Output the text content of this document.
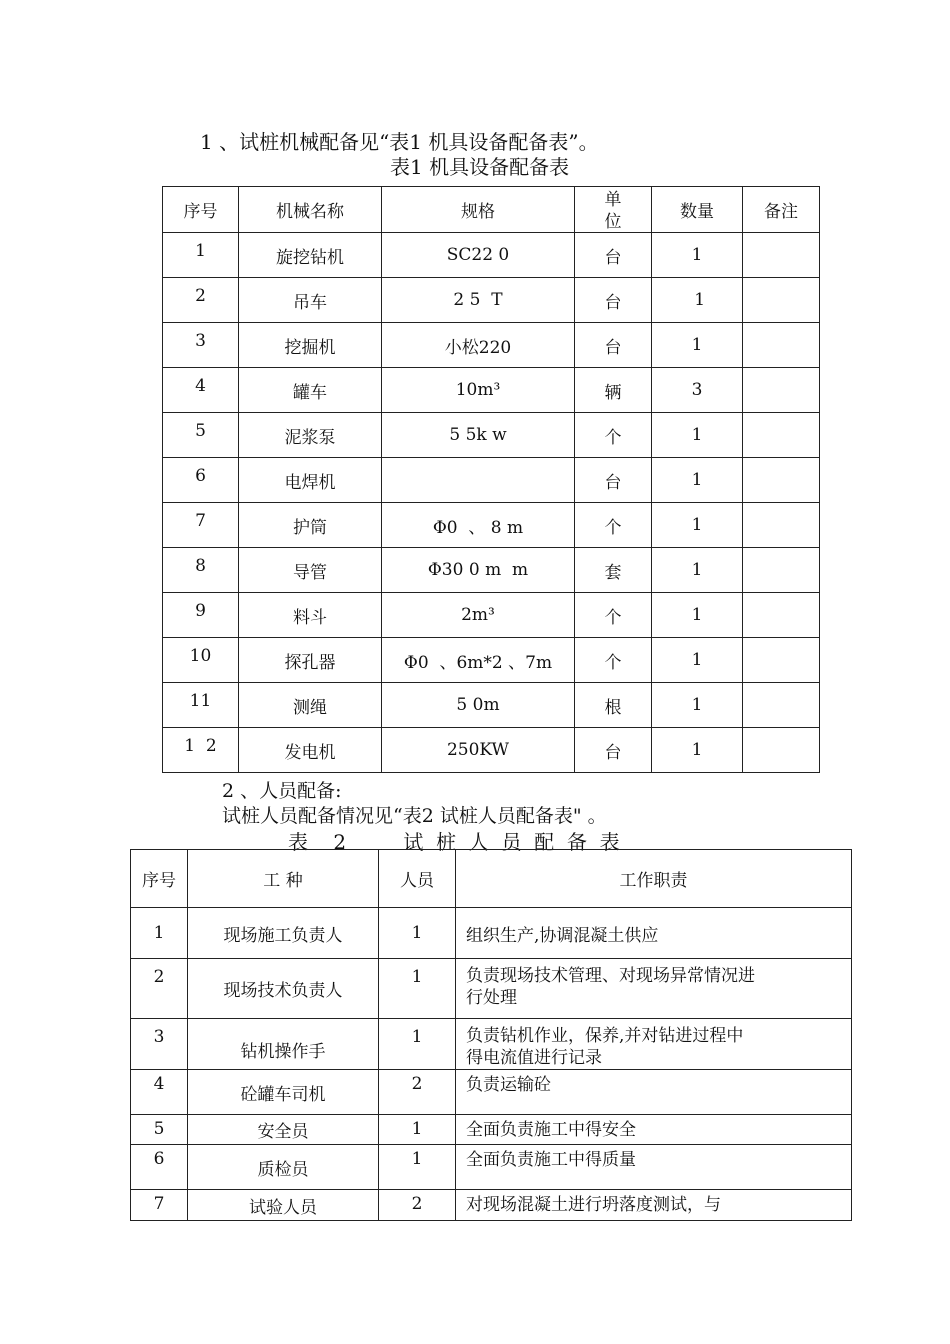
1 、试桩机械配备见“表1 机具设备配备表”。
表1 机具设备配备表
序号	机械名称	规格	单位	数量	备注
1	旋挖钻机	SC22 0	台	1	
2	吊车	2 5  T	台	1	
3	挖掘机	小松220	台	1	
4	罐车	10m³	辆	3	
5	泥浆泵	5 5k w	个	1	
6	电焊机		台	1	
7	护筒	Φ0  、 8 m	个	1	
8	导管	Φ30 0 m  m	套	1	
9	料斗	2m³	个	1	
10	探孔器	Φ0  、6m*2 、7m	个	1	
11	测绳	5 0m	根	1	
1  2	发电机	250KW	台	1	
2 、人员配备:
试桩人员配备情况见“表2 试桩人员配备表" 。
表    2         试  桩  人  员  配  备  表
序号	工 种	人员	工作职责
1	现场施工负责人	1	组织生产,协调混凝土供应
2	现场技术负责人	1	负责现场技术管理、对现场异常情况进行处理
3	钻机操作手	1	负责钻机作业，保养,并对钻进过程中得电流值进行记录
4	砼罐车司机	2	负责运输砼
5	安全员	1	全面负责施工中得安全
6	质检员	1	全面负责施工中得质量
7	试验人员	2	对现场混凝土进行坍落度测试，与
